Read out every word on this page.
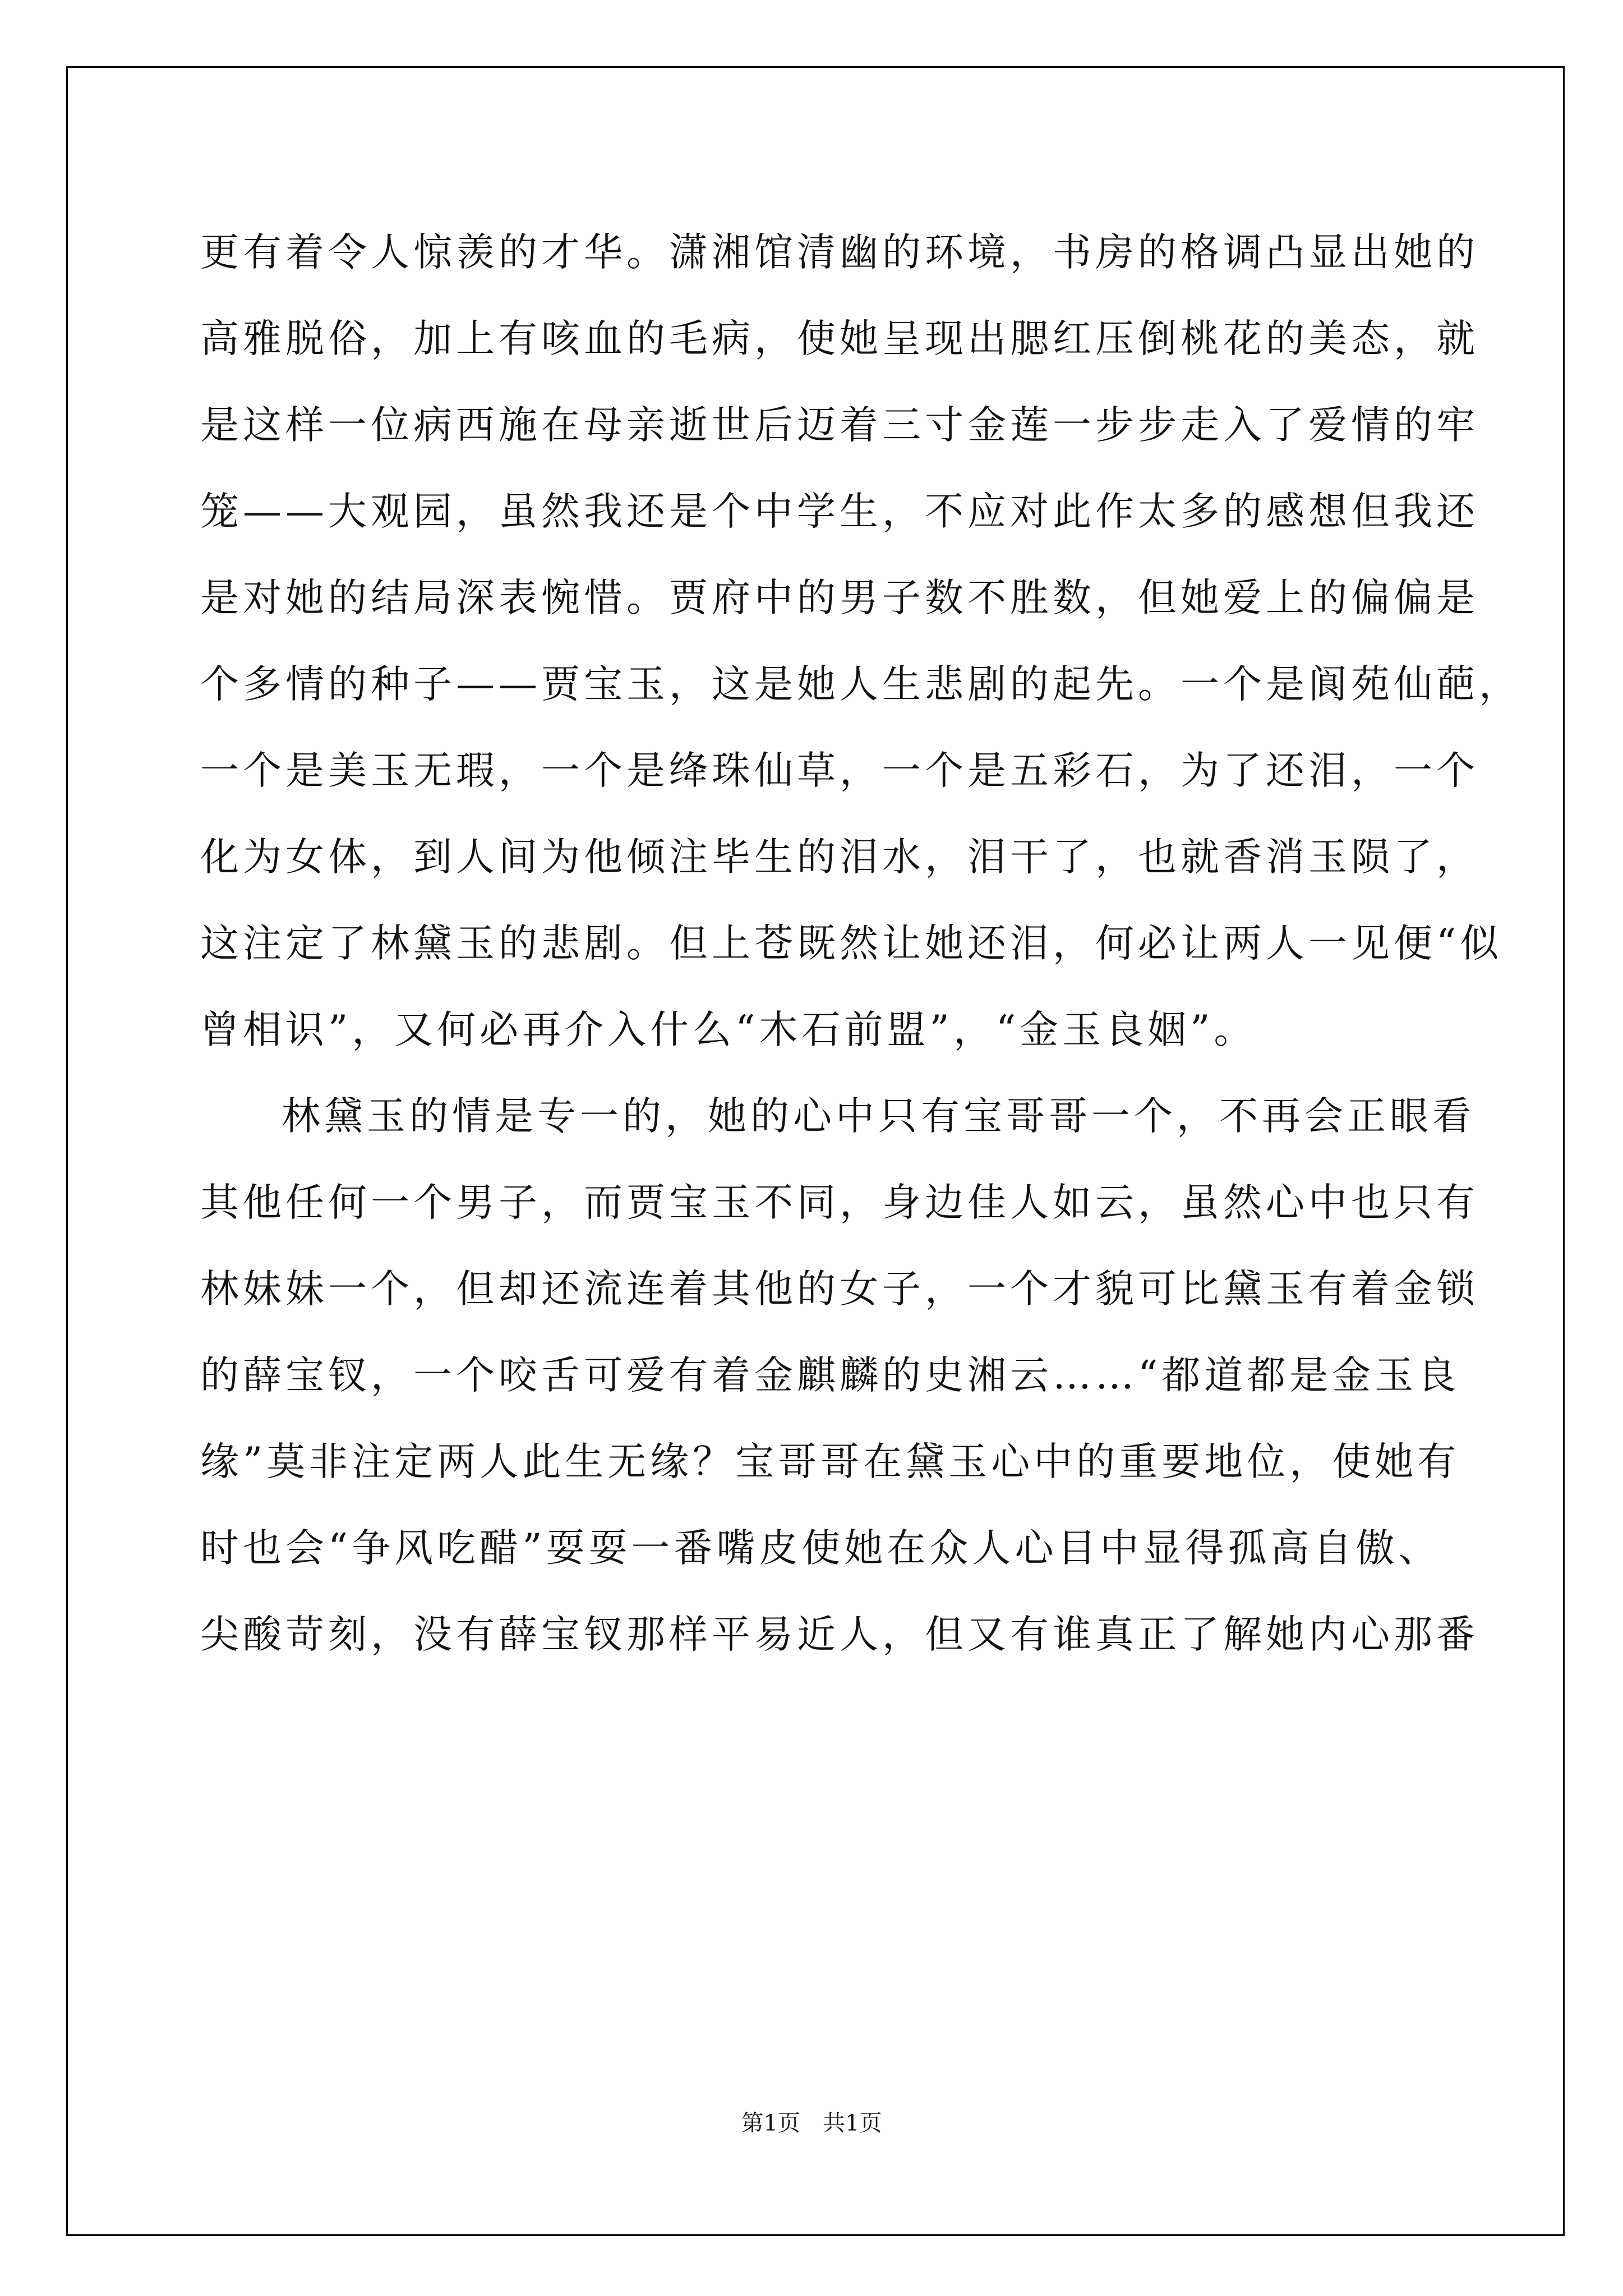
更有着令人惊羡的才华。潇湘馆清幽的环境，书房的格调凸显出她的
高雅脱俗，加上有咳血的毛病，使她呈现出腮红压倒桃花的美态，就
是这样一位病西施在母亲逝世后迈着三寸金莲一步步走入了爱情的牢
笼——大观园，虽然我还是个中学生，不应对此作太多的感想但我还
是对她的结局深表惋惜。贾府中的男子数不胜数，但她爱上的偏偏是
个多情的种子——贾宝玉，这是她人生悲剧的起先。一个是阆苑仙葩，
一个是美玉无瑕，一个是绛珠仙草，一个是五彩石，为了还泪，一个
化为女体，到人间为他倾注毕生的泪水，泪干了，也就香消玉陨了，
这注定了林黛玉的悲剧。但上苍既然让她还泪，何必让两人一见便“似
曾相识”，又何必再介入什么“木石前盟”，“金玉良姻”。
林黛玉的情是专一的，她的心中只有宝哥哥一个，不再会正眼看
其他任何一个男子，而贾宝玉不同，身边佳人如云，虽然心中也只有
林妹妹一个，但却还流连着其他的女子，一个才貌可比黛玉有着金锁
的薛宝钗，一个咬舌可爱有着金麒麟的史湘云……“都道都是金玉良
缘”莫非注定两人此生无缘？宝哥哥在黛玉心中的重要地位，使她有
时也会“争风吃醋”耍耍一番嘴皮使她在众人心目中显得孤高自傲、
尖酸苛刻，没有薛宝钗那样平易近人，但又有谁真正了解她内心那番
第1页 共1页
